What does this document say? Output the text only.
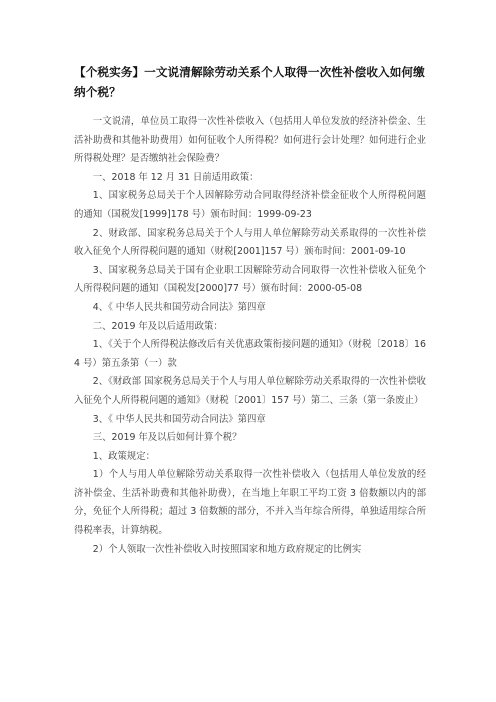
【个税实务】一文说清解除劳动关系个人取得一次性补偿收入如何缴纳个税？

一文说清，单位员工取得一次性补偿收入（包括用人单位发放的经济补偿金、生活补助费和其他补助费用）如何征收个人所得税？如何进行会计处理？如何进行企业所得税处理？是否缴纳社会保险费？

一、2018 年 12 月 31 日前适用政策：

1、国家税务总局关于个人因解除劳动合同取得经济补偿金征收个人所得税问题的通知（国税发[1999]178 号）颁布时间：1999-09-23

2、财政部、国家税务总局关于个人与用人单位解除劳动关系取得的一次性补偿收入征免个人所得税问题的通知（财税[2001]157 号）颁布时间：2001-09-10

3、国家税务总局关于国有企业职工因解除劳动合同取得一次性补偿收入征免个人所得税问题的通知（国税发[2000]77 号）颁布时间：2000-05-08

4、《 中华人民共和国劳动合同法》第四章

二、2019 年及以后适用政策：

1、《关于个人所得税法修改后有关优惠政策衔接问题的通知》（财税〔2018〕164 号）第五条第（一）款

2、《财政部 国家税务总局关于个人与用人单位解除劳动关系取得的一次性补偿收入征免个人所得税问题的通知》（财税〔2001〕157 号）第二、三条（第一条废止）

3、《 中华人民共和国劳动合同法》第四章

三、2019 年及以后如何计算个税？

1、政策规定：

1）个人与用人单位解除劳动关系取得一次性补偿收入（包括用人单位发放的经济补偿金、生活补助费和其他补助费），在当地上年职工平均工资 3 倍数额以内的部分，免征个人所得税；超过 3 倍数额的部分，不并入当年综合所得，单独适用综合所得税率表，计算纳税。

2）个人领取一次性补偿收入时按照国家和地方政府规定的比例实
